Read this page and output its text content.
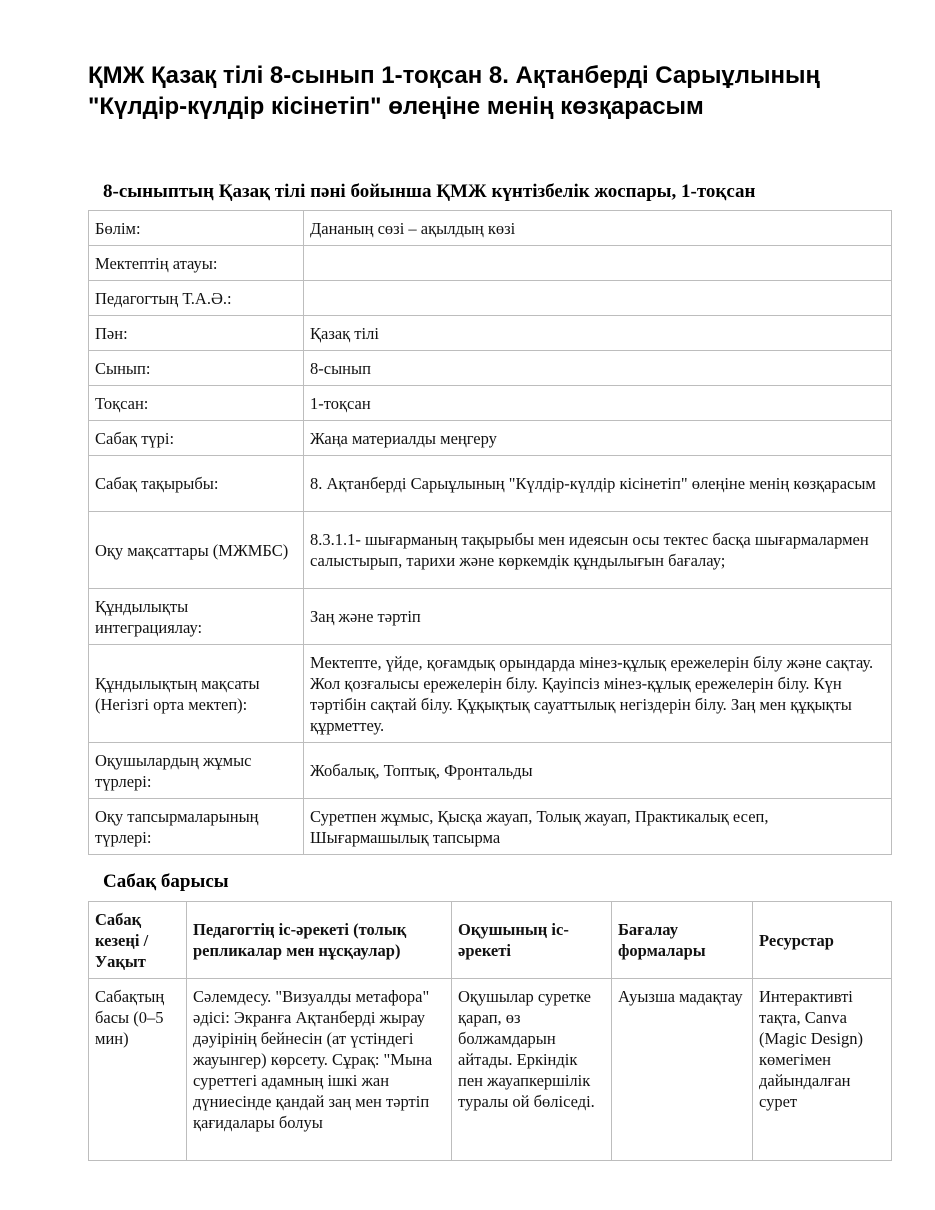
ҚМЖ Қазақ тілі 8-сынып 1-тоқсан 8. Ақтанберді Сарыұлының "Күлдір-күлдір кісінетіп" өлеңіне менің көзқарасым
8-сыныптың Қазақ тілі пәні бойынша ҚМЖ күнтізбелік жоспары, 1-тоқсан
Бөлім:	Дананың сөзі – ақылдың көзі
Мектептің атауы:	
Педагогтың Т.А.Ә.:	
Пән:	Қазақ тілі
Сынып:	8-сынып
Тоқсан:	1-тоқсан
Сабақ түрі:	Жаңа материалды меңгеру
Сабақ тақырыбы:	8. Ақтанберді Сарыұлының "Күлдір-күлдір кісінетіп" өлеңіне менің көзқарасым
Оқу мақсаттары (МЖМБС)	8.3.1.1- шығарманың тақырыбы мен идеясын осы тектес басқа шығармалармен салыстырып, тарихи және көркемдік құндылығын бағалау;
Құндылықты интеграциялау:	Заң және тәртіп
Құндылықтың мақсаты (Негізгі орта мектеп):	Мектепте, үйде, қоғамдық орындарда мінез-құлық ережелерін білу және сақтау. Жол қозғалысы ережелерін білу. Қауіпсіз мінез-құлық ережелерін білу. Күн тәртібін сақтай білу. Құқықтық сауаттылық негіздерін білу. Заң мен құқықты құрметтеу.
Оқушылардың жұмыс түрлері:	Жобалық, Топтық, Фронтальды
Оқу тапсырмаларының түрлері:	Суретпен жұмыс, Қысқа жауап, Толық жауап, Практикалық есеп, Шығармашылық тапсырма
Сабақ барысы
Сабақ кезеңі / Уақыт	Педагогтің іс-әрекеті (толық репликалар мен нұсқаулар)	Оқушының іс-әрекеті	Бағалау формалары	Ресурстар
Сабақтың басы (0–5 мин)	Сәлемдесу. "Визуалды метафора" әдісі: Экранға Ақтанберді жырау дәуірінің бейнесін (ат үстіндегі жауынгер) көрсету. Сұрақ: "Мына суреттегі адамның ішкі жан дүниесінде қандай заң мен тәртіп қағидалары болуы	Оқушылар суретке қарап, өз болжамдарын айтады. Еркіндік пен жауапкершілік туралы ой бөліседі.	Ауызша мадақтау	Интерактивті тақта, Canva (Magic Design) көмегімен дайындалған сурет
